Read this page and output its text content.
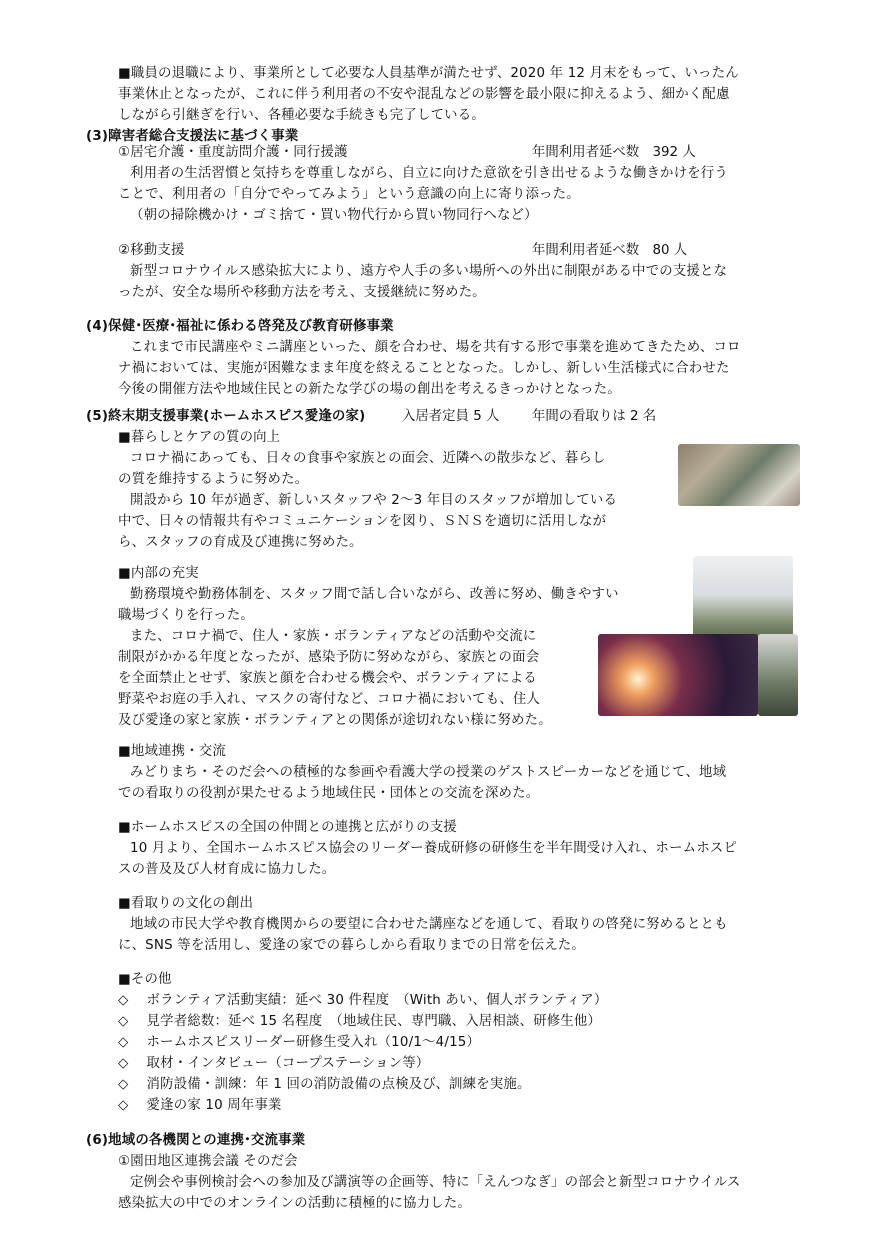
■職員の退職により、事業所として必要な人員基準が満たせず、2020 年 12 月末をもって、いったん
事業休止となったが、これに伴う利用者の不安や混乱などの影響を最小限に抑えるよう、細かく配慮
しながら引継ぎを行い、各種必要な手続きも完了している。
(3)障害者総合支援法に基づく事業
①居宅介護・重度訪問介護・同行援護	年間利用者延べ数　392 人
利用者の生活習慣と気持ちを尊重しながら、自立に向けた意欲を引き出せるような働きかけを行う
ことで、利用者の「自分でやってみよう」という意識の向上に寄り添った。
（朝の掃除機かけ・ゴミ捨て・買い物代行から買い物同行へなど）
②移動支援	年間利用者延べ数　80 人
新型コロナウイルス感染拡大により、遠方や人手の多い場所への外出に制限がある中での支援とな
ったが、安全な場所や移動方法を考え、支援継続に努めた。
(4)保健･医療･福祉に係わる啓発及び教育研修事業
これまで市民講座やミニ講座といった、顔を合わせ、場を共有する形で事業を進めてきたため、コロ
ナ禍においては、実施が困難なまま年度を終えることとなった。しかし、新しい生活様式に合わせた
今後の開催方法や地域住民との新たな学びの場の創出を考えるきっかけとなった。
(5)終末期支援事業(ホームホスピス愛逢の家)	入居者定員 5 人 年間の看取りは 2 名
■暮らしとケアの質の向上
コロナ禍にあっても、日々の食事や家族との面会、近隣への散歩など、暮らし
の質を維持するように努めた。
開設から 10 年が過ぎ、新しいスタッフや 2～3 年目のスタッフが増加している
中で、日々の情報共有やコミュニケーションを図り、ＳＮＳを適切に活用しなが
ら、スタッフの育成及び連携に努めた。
■内部の充実
勤務環境や勤務体制を、スタッフ間で話し合いながら、改善に努め、働きやすい
職場づくりを行った。
また、コロナ禍で、住人・家族・ボランティアなどの活動や交流に
制限がかかる年度となったが、感染予防に努めながら、家族との面会
を全面禁止とせず、家族と顔を合わせる機会や、ボランティアによる
野菜やお庭の手入れ、マスクの寄付など、コロナ禍においても、住人
及び愛逢の家と家族・ボランティアとの関係が途切れない様に努めた。
■地域連携・交流
みどりまち・そのだ会への積極的な参画や看護大学の授業のゲストスピーカーなどを通じて、地域
での看取りの役割が果たせるよう地域住民・団体との交流を深めた。
■ホームホスピスの全国の仲間との連携と広がりの支援
10 月より、全国ホームホスピス協会のリーダー養成研修の研修生を半年間受け入れ、ホームホスピ
スの普及及び人材育成に協力した。
■看取りの文化の創出
地域の市民大学や教育機関からの要望に合わせた講座などを通して、看取りの啓発に努めるととも
に、SNS 等を活用し、愛逢の家での暮らしから看取りまでの日常を伝えた。
■その他
◇　 ボランティア活動実績：延べ 30 件程度　（With あい、個人ボランティア）
◇　 見学者総数：延べ 15 名程度　（地域住民、専門職、入居相談、研修生他）
◇　 ホームホスピスリーダー研修生受入れ（10/1～4/15）
◇　 取材・インタビュー（コープステーション等）
◇　 消防設備・訓練：年 1 回の消防設備の点検及び、訓練を実施。
◇　 愛逢の家 10 周年事業
(6)地域の各機関との連携･交流事業
①園田地区連携会議 そのだ会
定例会や事例検討会への参加及び講演等の企画等、特に「えんつなぎ」の部会と新型コロナウイルス
感染拡大の中でのオンラインの活動に積極的に協力した。
